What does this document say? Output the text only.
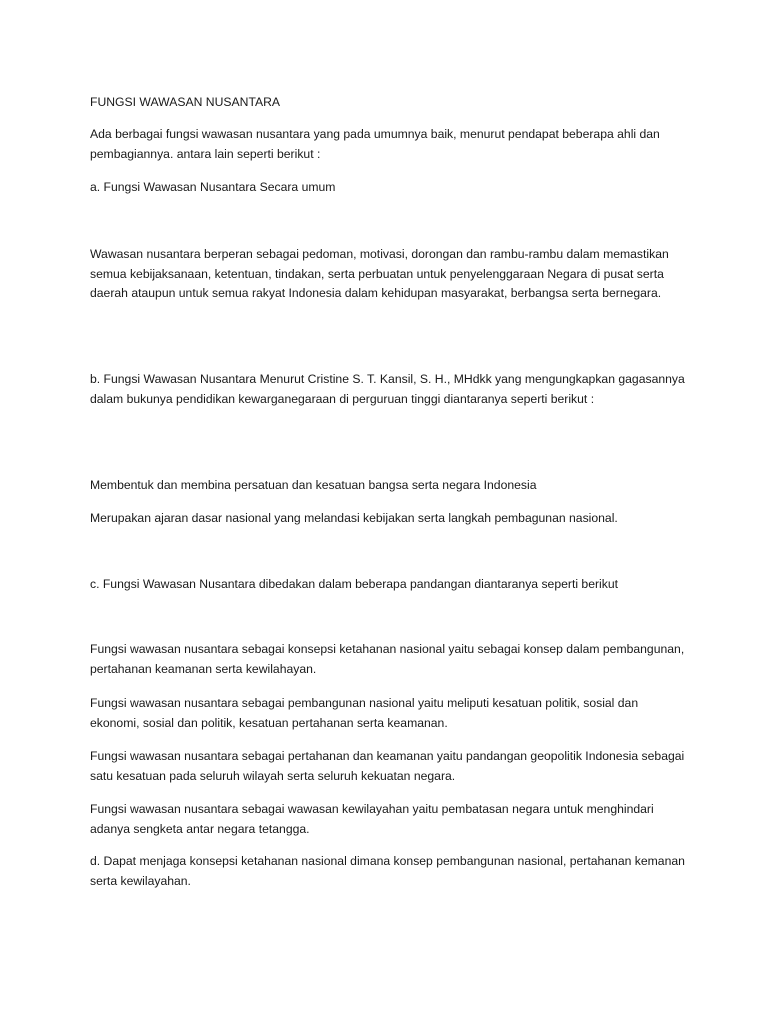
FUNGSI WAWASAN NUSANTARA

Ada berbagai fungsi wawasan nusantara yang pada umumnya baik, menurut pendapat beberapa ahli dan pembagiannya. antara lain seperti berikut :

a. Fungsi Wawasan Nusantara Secara umum

Wawasan nusantara berperan sebagai pedoman, motivasi, dorongan dan rambu-rambu dalam memastikan semua kebijaksanaan, ketentuan, tindakan, serta perbuatan untuk penyelenggaraan Negara di pusat serta daerah ataupun untuk semua rakyat Indonesia dalam kehidupan masyarakat, berbangsa serta bernegara.

b. Fungsi Wawasan Nusantara Menurut Cristine S. T. Kansil, S. H., MHdkk yang mengungkapkan gagasannya dalam bukunya pendidikan kewarganegaraan di perguruan tinggi diantaranya seperti berikut :

Membentuk dan membina persatuan dan kesatuan bangsa serta negara Indonesia

Merupakan ajaran dasar nasional yang melandasi kebijakan serta langkah pembagunan nasional.

c. Fungsi Wawasan Nusantara dibedakan dalam beberapa pandangan diantaranya seperti berikut

Fungsi wawasan nusantara sebagai konsepsi ketahanan nasional yaitu sebagai konsep dalam pembangunan, pertahanan keamanan serta kewilahayan.

Fungsi wawasan nusantara sebagai pembangunan nasional yaitu meliputi kesatuan politik, sosial dan ekonomi, sosial dan politik, kesatuan pertahanan serta keamanan.

Fungsi wawasan nusantara sebagai pertahanan dan keamanan yaitu pandangan geopolitik Indonesia sebagai satu kesatuan pada seluruh wilayah serta seluruh kekuatan negara.

Fungsi wawasan nusantara sebagai wawasan kewilayahan yaitu pembatasan negara untuk menghindari adanya sengketa antar negara tetangga.

d. Dapat menjaga konsepsi ketahanan nasional dimana konsep pembangunan nasional, pertahanan kemanan serta kewilayahan.
